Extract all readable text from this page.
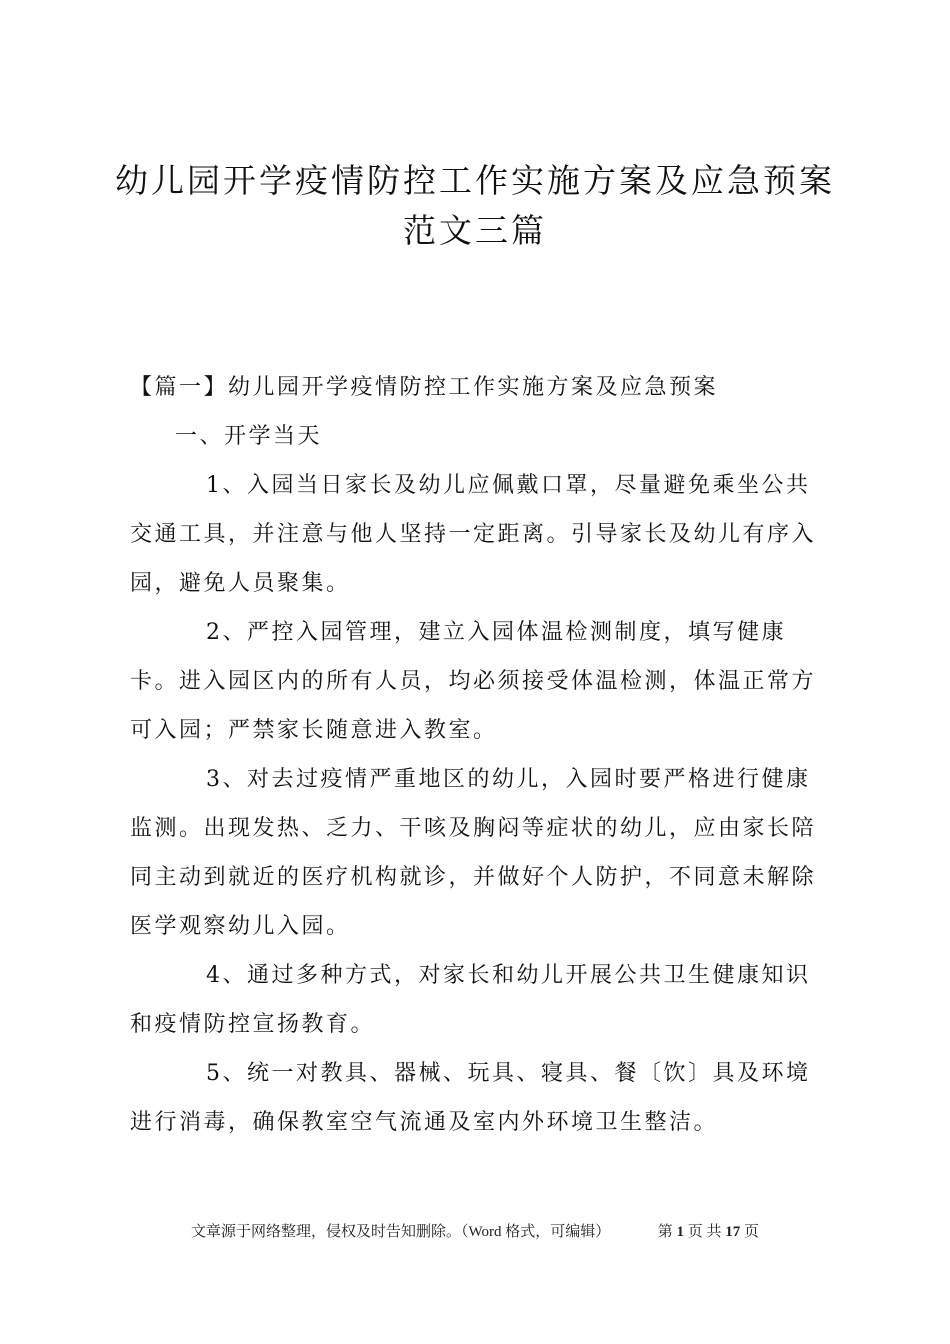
幼儿园开学疫情防控工作实施方案及应急预案
范文三篇

【篇一】幼儿园开学疫情防控工作实施方案及应急预案

一、开学当天

1、入园当日家长及幼儿应佩戴口罩，尽量避免乘坐公共交通工具，并注意与他人坚持一定距离。引导家长及幼儿有序入园，避免人员聚集。

2、严控入园管理，建立入园体温检测制度，填写健康卡。进入园区内的所有人员，均必须接受体温检测，体温正常方可入园；严禁家长随意进入教室。

3、对去过疫情严重地区的幼儿，入园时要严格进行健康监测。出现发热、乏力、干咳及胸闷等症状的幼儿，应由家长陪同主动到就近的医疗机构就诊，并做好个人防护，不同意未解除医学观察幼儿入园。

4、通过多种方式，对家长和幼儿开展公共卫生健康知识和疫情防控宣扬教育。

5、统一对教具、器械、玩具、寝具、餐〔饮〕具及环境进行消毒，确保教室空气流通及室内外环境卫生整洁。

文章源于网络整理，侵权及时告知删除。（Word 格式，可编辑）	第 1 页 共 17 页
